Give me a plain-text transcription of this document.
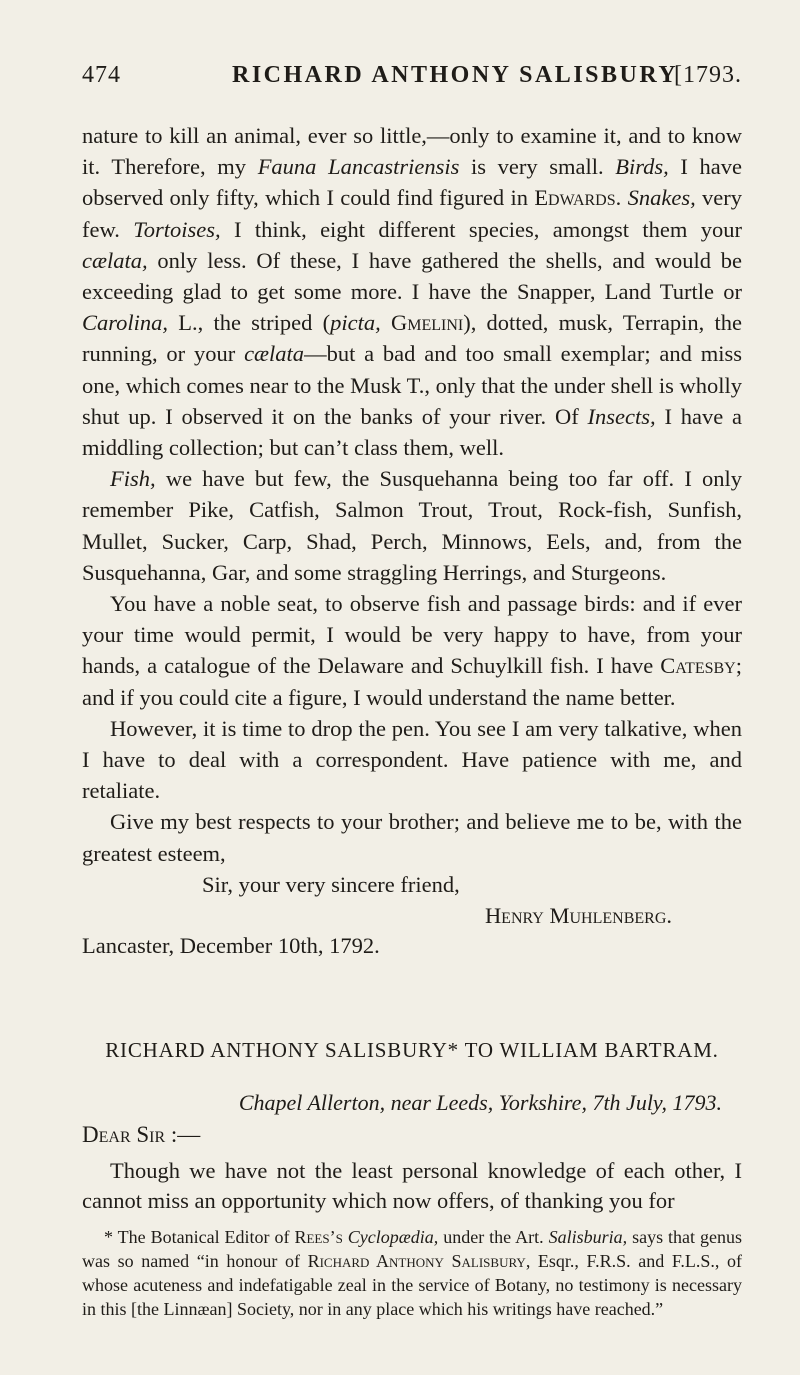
474	RICHARD ANTHONY SALISBURY
[1793.

nature to kill an animal, ever so little,—only to examine it, and to know it. Therefore, my Fauna Lancastriensis is very small. Birds, I have observed only fifty, which I could find figured in Edwards. Snakes, very few. Tortoises, I think, eight different species, amongst them your cælata, only less. Of these, I have gathered the shells, and would be exceeding glad to get some more. I have the Snapper, Land Turtle or Carolina, L., the striped (picta, Gmelini), dotted, musk, Terrapin, the running, or your cælata—but a bad and too small exemplar; and miss one, which comes near to the Musk T., only that the under shell is wholly shut up. I observed it on the banks of your river. Of Insects, I have a middling collection; but can’t class them, well.

Fish, we have but few, the Susquehanna being too far off. I only remember Pike, Catfish, Salmon Trout, Trout, Rock-fish, Sunfish, Mullet, Sucker, Carp, Shad, Perch, Minnows, Eels, and, from the Susquehanna, Gar, and some straggling Herrings, and Sturgeons.

You have a noble seat, to observe fish and passage birds: and if ever your time would permit, I would be very happy to have, from your hands, a catalogue of the Delaware and Schuylkill fish. I have Catesby; and if you could cite a figure, I would understand the name better.

However, it is time to drop the pen. You see I am very talkative, when I have to deal with a correspondent. Have patience with me, and retaliate.

Give my best respects to your brother; and believe me to be, with the greatest esteem,

Sir, your very sincere friend,

Henry Muhlenberg.
Lancaster, December 10th, 1792.
RICHARD ANTHONY SALISBURY* TO WILLIAM BARTRAM.
Chapel Allerton, near Leeds, Yorkshire, 7th July, 1793.
Dear Sir :—

Though we have not the least personal knowledge of each other, I cannot miss an opportunity which now offers, of thanking you for

* The Botanical Editor of Rees’s Cyclopædia, under the Art. Salisburia, says that genus was so named “in honour of Richard Anthony Salisbury, Esqr., F.R.S. and F.L.S., of whose acuteness and indefatigable zeal in the service of Botany, no testimony is necessary in this [the Linnæan] Society, nor in any place which his writings have reached.”
